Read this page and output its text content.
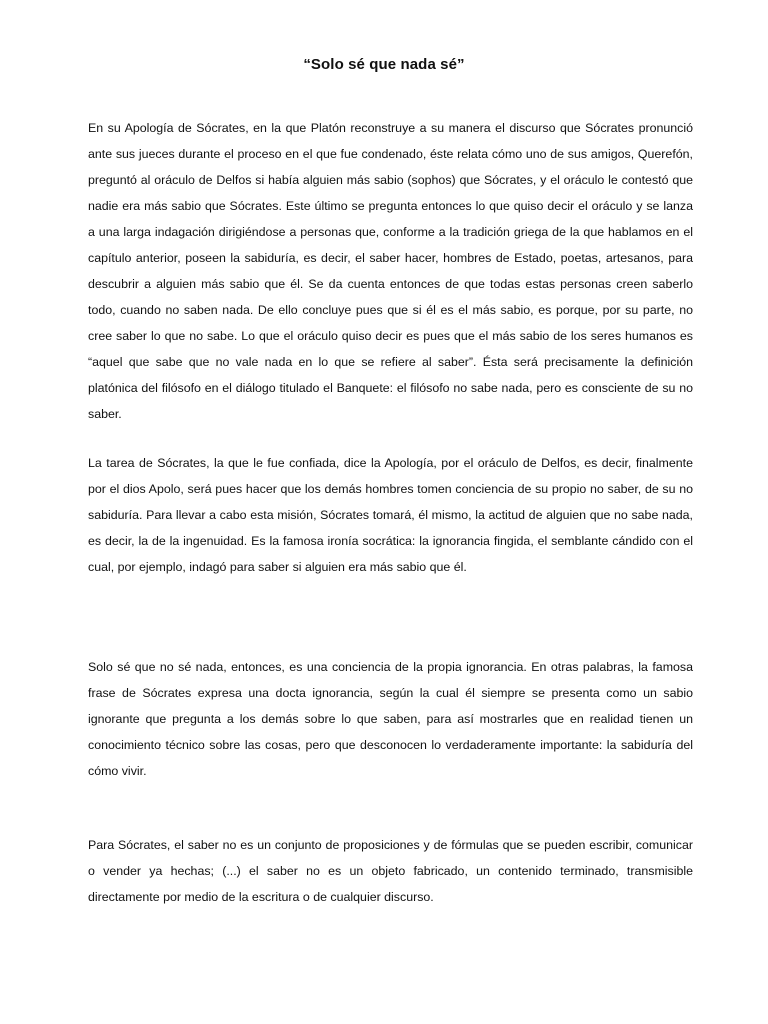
“Solo sé que nada sé”

En su Apología de Sócrates, en la que Platón reconstruye a su manera el discurso que Sócrates pronunció ante sus jueces durante el proceso en el que fue condenado, éste relata cómo uno de sus amigos, Querefón, preguntó al oráculo de Delfos si había alguien más sabio (sophos) que Sócrates, y el oráculo le contestó que nadie era más sabio que Sócrates. Este último se pregunta entonces lo que quiso decir el oráculo y se lanza a una larga indagación dirigiéndose a personas que, conforme a la tradición griega de la que hablamos en el capítulo anterior, poseen la sabiduría, es decir, el saber hacer, hombres de Estado, poetas, artesanos, para descubrir a alguien más sabio que él. Se da cuenta entonces de que todas estas personas creen saberlo todo, cuando no saben nada. De ello concluye pues que si él es el más sabio, es porque, por su parte, no cree saber lo que no sabe. Lo que el oráculo quiso decir es pues que el más sabio de los seres humanos es “aquel que sabe que no vale nada en lo que se refiere al saber”. Ésta será precisamente la definición platónica del filósofo en el diálogo titulado el Banquete: el filósofo no sabe nada, pero es consciente de su no saber.

La tarea de Sócrates, la que le fue confiada, dice la Apología, por el oráculo de Delfos, es decir, finalmente por el dios Apolo, será pues hacer que los demás hombres tomen conciencia de su propio no saber, de su no sabiduría. Para llevar a cabo esta misión, Sócrates tomará, él mismo, la actitud de alguien que no sabe nada, es decir, la de la ingenuidad. Es la famosa ironía socrática: la ignorancia fingida, el semblante cándido con el cual, por ejemplo, indagó para saber si alguien era más sabio que él.

Solo sé que no sé nada, entonces, es una conciencia de la propia ignorancia. En otras palabras, la famosa frase de Sócrates expresa una docta ignorancia, según la cual él siempre se presenta como un sabio ignorante que pregunta a los demás sobre lo que saben, para así mostrarles que en realidad tienen un conocimiento técnico sobre las cosas, pero que desconocen lo verdaderamente importante: la sabiduría del cómo vivir.

Para Sócrates, el saber no es un conjunto de proposiciones y de fórmulas que se pueden escribir, comunicar o vender ya hechas; (...) el saber no es un objeto fabricado, un contenido terminado, transmisible directamente por medio de la escritura o de cualquier discurso.
